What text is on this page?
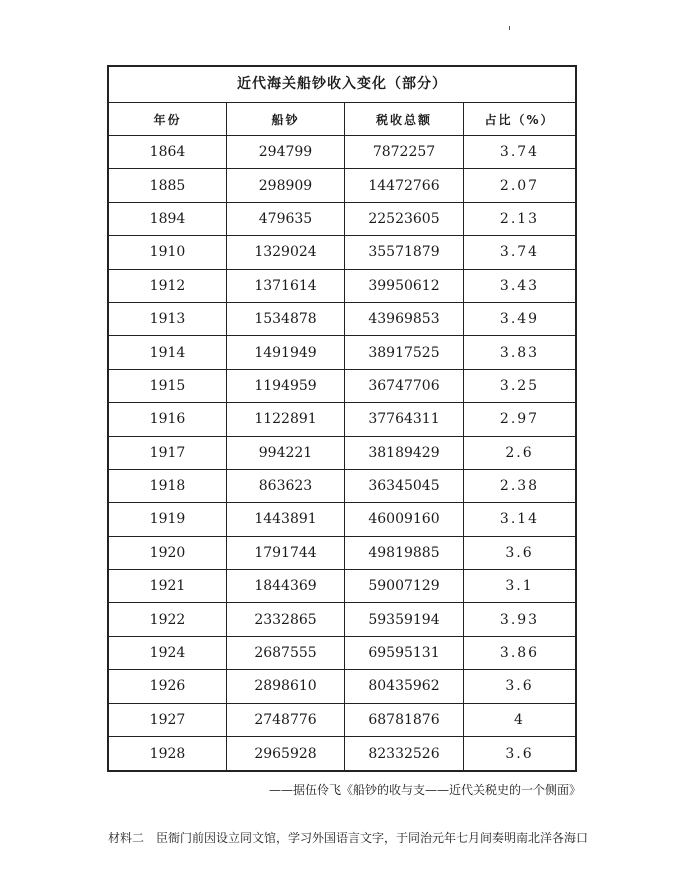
近代海关船钞收入变化（部分）
年份	船钞	税收总额	占比（%）
1864	294799	7872257	3.74
1885	298909	14472766	2.07
1894	479635	22523605	2.13
1910	1329024	35571879	3.74
1912	1371614	39950612	3.43
1913	1534878	43969853	3.49
1914	1491949	38917525	3.83
1915	1194959	36747706	3.25
1916	1122891	37764311	2.97
1917	994221	38189429	2.6
1918	863623	36345045	2.38
1919	1443891	46009160	3.14
1920	1791744	49819885	3.6
1921	1844369	59007129	3.1
1922	2332865	59359194	3.93
1924	2687555	69595131	3.86
1926	2898610	80435962	3.6
1927	2748776	68781876	4
1928	2965928	82332526	3.6
——据伍伶飞《船钞的收与支——近代关税史的一个侧面》
材料二　臣衙门前因设立同文馆，学习外国语言文字，于同治元年七月间奏明南北洋各海口
